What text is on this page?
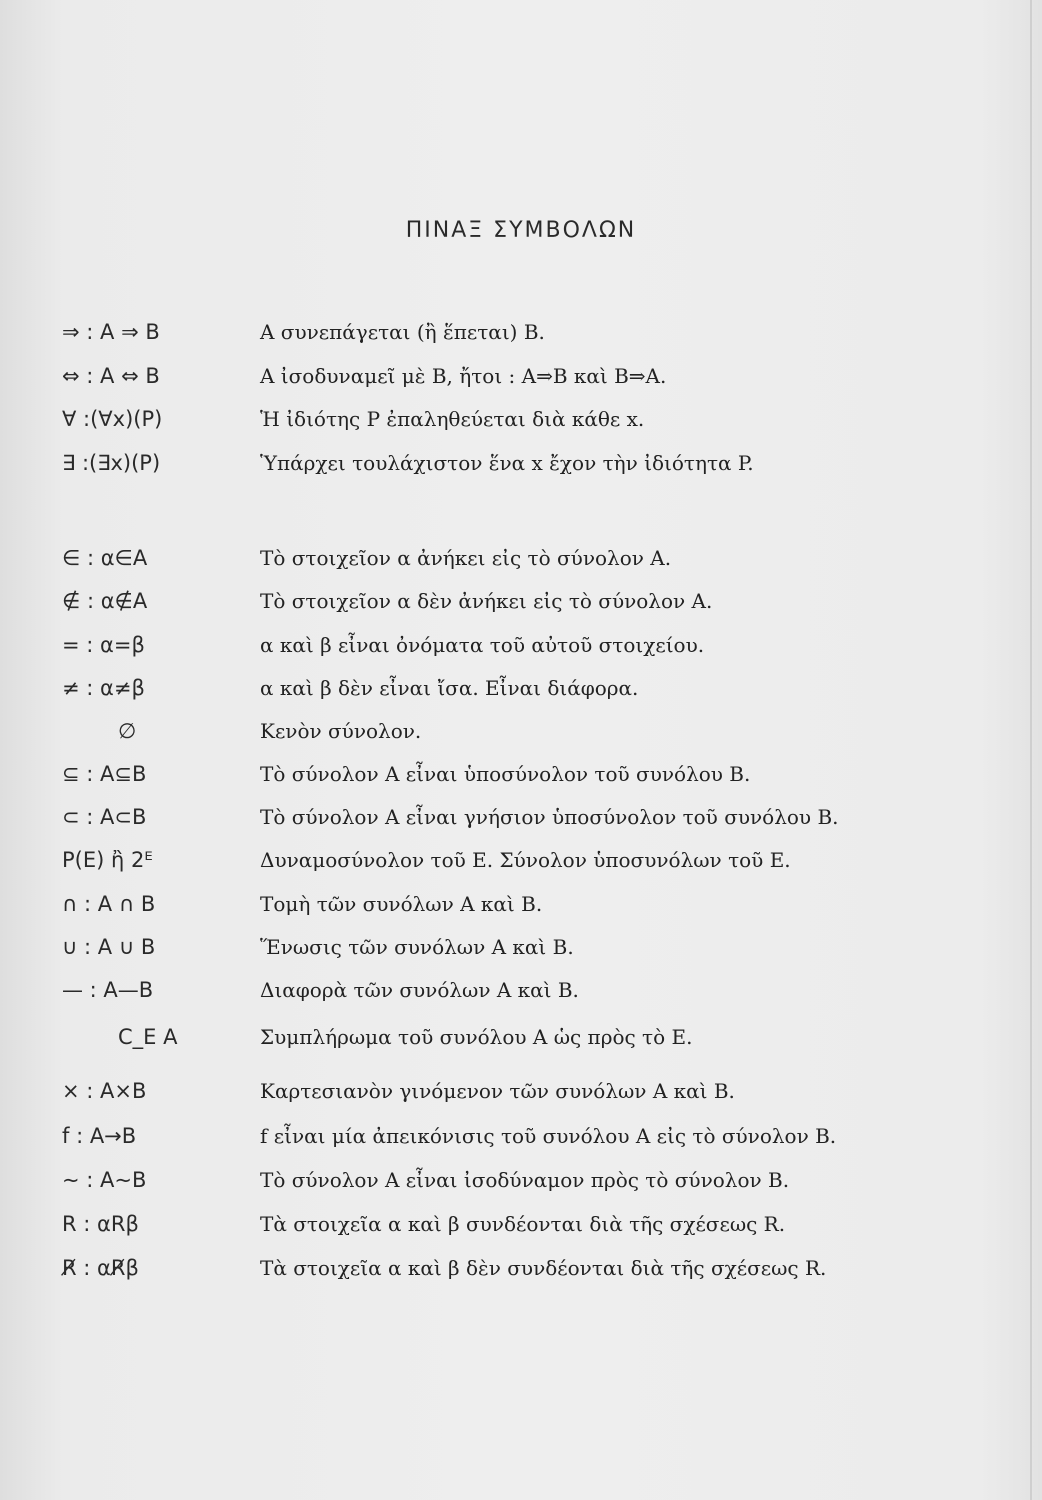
ΠΙΝΑΞ ΣΥΜΒΟΛΩΝ
⇒ : A ⇒ B	A συνεπάγεται (ἢ ἕπεται) B.
⇔ : A ⇔ B	A ἰσοδυναμεῖ μὲ B, ἤτοι : A⇒B καὶ B⇒A.
∀ :(∀x)(P)	Ἡ ἰδιότης P ἐπαληθεύεται διὰ κάθε x.
∃ :(∃x)(P)	Ὑπάρχει τουλάχιστον ἕνα x ἔχον τὴν ἰδιότητα P.
∈ : α∈A	Τὸ στοιχεῖον α ἀνήκει εἰς τὸ σύνολον A.
∉ : α∉A	Τὸ στοιχεῖον α δὲν ἀνήκει εἰς τὸ σύνολον A.
= : α=β	α καὶ β εἶναι ὀνόματα τοῦ αὐτοῦ στοιχείου.
≠ : α≠β	α καὶ β δὲν εἶναι ἴσα. Εἶναι διάφορα.
∅	Κενὸν σύνολον.
⊆ : A⊆B	Τὸ σύνολον A εἶναι ὑποσύνολον τοῦ συνόλου B.
⊂ : A⊂B	Τὸ σύνολον A εἶναι γνήσιον ὑποσύνολον τοῦ συνόλου B.
P(E) ἢ 2ᴱ	Δυναμοσύνολον τοῦ E. Σύνολον ὑποσυνόλων τοῦ E.
∩ : A ∩ B	Τομὴ τῶν συνόλων A καὶ B.
∪ : A ∪ B	Ἕνωσις τῶν συνόλων A καὶ B.
— : A—B	Διαφορὰ τῶν συνόλων A καὶ B.
C_E A	Συμπλήρωμα τοῦ συνόλου A ὡς πρὸς τὸ E.
× : A×B	Καρτεσιανὸν γινόμενον τῶν συνόλων A καὶ B.
f : A→B	f εἶναι μία ἀπεικόνισις τοῦ συνόλου A εἰς τὸ σύνολον B.
∼ : A∼B	Τὸ σύνολον A εἶναι ἰσοδύναμον πρὸς τὸ σύνολον B.
R : αRβ	Τὰ στοιχεῖα α καὶ β συνδέονται διὰ τῆς σχέσεως R.
R̸ : αR̸β	Τὰ στοιχεῖα α καὶ β δὲν συνδέονται διὰ τῆς σχέσεως R.
